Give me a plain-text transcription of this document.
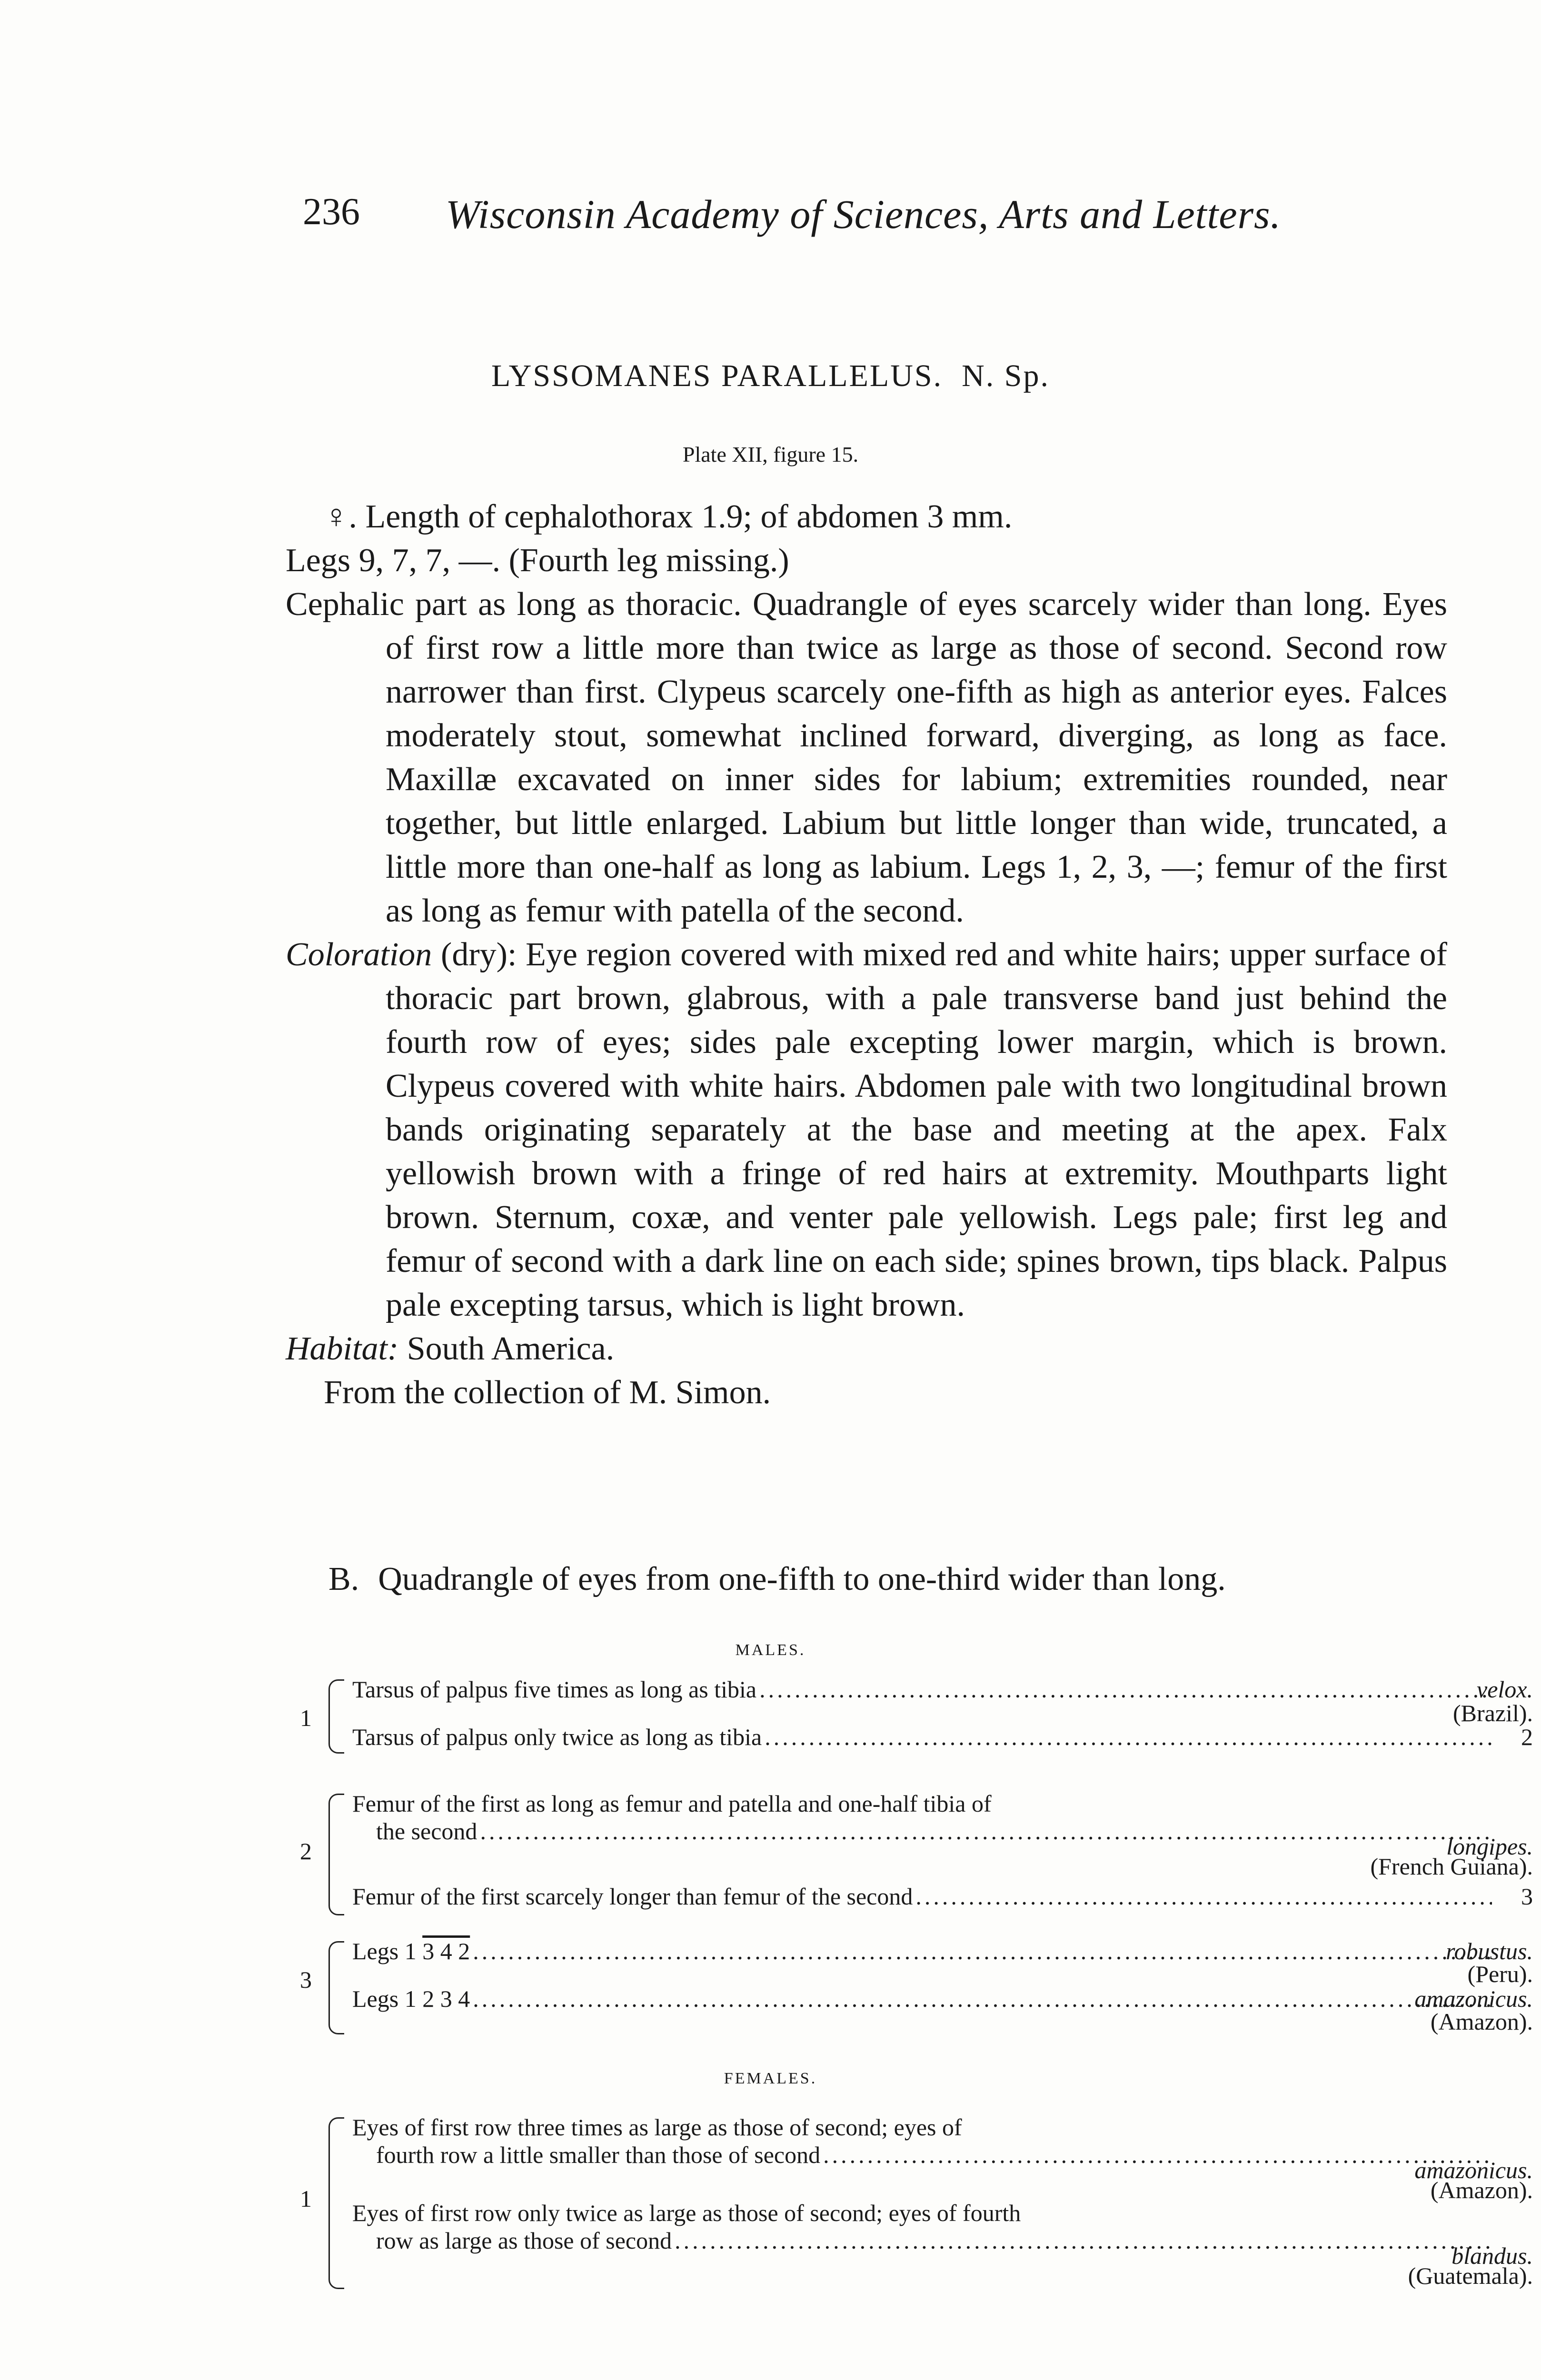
236 Wisconsin Academy of Sciences, Arts and Letters.
LYSSOMANES PARALLELUS. N. Sp.
Plate XII, figure 15.

♀. Length of cephalothorax 1.9; of abdomen 3 mm.

Legs 9, 7, 7, —. (Fourth leg missing.)

Cephalic part as long as thoracic. Quadrangle of eyes scarcely wider than long. Eyes of first row a little more than twice as large as those of second. Second row narrower than first. Clypeus scarcely one-fifth as high as anterior eyes. Falces moderately stout, somewhat inclined forward, diverging, as long as face. Maxillæ excavated on inner sides for labium; extremities rounded, near together, but little enlarged. Labium but little longer than wide, truncated, a little more than one-half as long as labium. Legs 1, 2, 3, —; femur of the first as long as femur with patella of the second.

Coloration (dry): Eye region covered with mixed red and white hairs; upper surface of thoracic part brown, glabrous, with a pale transverse band just behind the fourth row of eyes; sides pale excepting lower margin, which is brown. Clypeus covered with white hairs. Abdomen pale with two longitudinal brown bands originating separately at the base and meeting at the apex. Falx yellowish brown with a fringe of red hairs at extremity. Mouthparts light brown. Sternum, coxæ, and venter pale yellowish. Legs pale; first leg and femur of second with a dark line on each side; spines brown, tips black. Palpus pale excepting tarsus, which is light brown.

Habitat: South America.

From the collection of M. Simon.

B. Quadrangle of eyes from one-fifth to one-third wider than long.
MALES.
1
Tarsus of palpus five times as long as tibia .....	velox.
(Brazil).
Tarsus of palpus only twice as long as tibia .....	2
2
Femur of the first as long as femur and patella and one-half tibia of
the second
.....
longipes.
(French Guiana).
Femur of the first scarcely longer than femur of the second .....	3
3
Legs 1 3 4 2 .....	robustus.
(Peru).
Legs 1 2 3 4 .....	amazonicus.
(Amazon).
FEMALES.
1
Eyes of first row three times as large as those of second; eyes of
fourth row a little smaller than those of second
.....
amazonicus.
(Amazon).
Eyes of first row only twice as large as those of second; eyes of fourth
row as large as those of second
.....
blandus.
(Guatemala).
